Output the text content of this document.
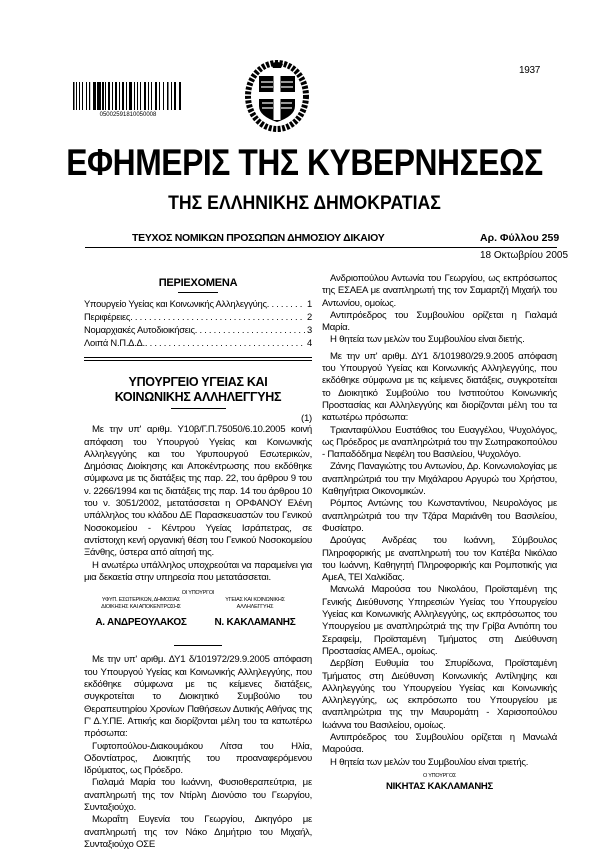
1937
05002591810050008
ΕΦΗΜΕΡΙΣ ΤΗΣ ΚΥΒΕΡΝΗΣΕΩΣ
ΤΗΣ ΕΛΛΗΝΙΚΗΣ ΔΗΜΟΚΡΑΤΙΑΣ
ΤΕΥΧΟΣ ΝΟΜΙΚΩΝ ΠΡΟΣΩΠΩΝ ΔΗΜΟΣΙΟΥ ΔΙΚΑΙΟΥ	Αρ. Φύλλου 259
18 Οκτωβρίου 2005
ΠΕΡΙΕΧΟΜΕΝΑ
Υπουργείο Υγείας και Κοινωνικής Αλληλεγγύης . . .	1
Περιφέρειες . . .	2
Νομαρχιακές Αυτοδιοικήσεις . . .	3
Λοιπά Ν.Π.Δ.Δ. . . .	4
ΥΠΟΥΡΓΕΙΟ ΥΓΕΙΑΣ ΚΑΙ
ΚΟΙΝΩΝΙΚΗΣ ΑΛΛΗΛΕΓΓΥΗΣ
(1)

Με την υπ' αριθμ. Υ10β/Γ.Π.75050/6.10.2005 κοινή απόφαση του Υπουργού Υγείας και Κοινωνικής Αλληλεγγύης και του Υφυπουργού Εσωτερικών, Δημόσιας Διοίκησης και Αποκέντρωσης που εκδόθηκε σύμφωνα με τις διατάξεις της παρ. 22, του άρθρου 9 του ν. 2266/1994 και τις διατάξεις της παρ. 14 του άρθρου 10 του ν. 3051/2002, μετατάσσεται η ΟΡΦΑΝΟΥ Ελένη υπάλληλος του κλάδου ΔΕ Παρασκευαστών του Γενικού Νοσοκομείου - Κέντρου Υγείας Ισράπετρας, σε αντίστοιχη κενή οργανική θέση του Γενικού Νοσοκομείου Ξάνθης, ύστερα από αίτησή της.

Η ανωτέρω υπάλληλος υποχρεούται να παραμείνει για μια δεκαετία στην υπηρεσία που μετατάσσεται.

ΟΙ ΥΠΟΥΡΓΟΙ
ΥΦΥΠ. ΕΣΩΤΕΡΙΚΩΝ, ΔΗΜΟΣΙΑΣ
ΔΙΟΙΚΗΣΗΣ ΚΑΙ ΑΠΟΚΕΝΤΡΩΣΗΣ
ΥΓΕΙΑΣ ΚΑΙ ΚΟΙΝΩΝΙΚΗΣ
ΑΛΛΗΛΕΓΓΥΗΣ
Α. ΑΝΔΡΕΟΥΛΑΚΟΣ	Ν. ΚΑΚΛΑΜΑΝΗΣ

Με την υπ' αριθμ. ΔΥ1 δ/101972/29.9.2005 απόφαση του Υπουργού Υγείας και Κοινωνικής Αλληλεγγύης, που εκδόθηκε σύμφωνα με τις κείμενες διατάξεις, συγκροτείται το Διοικητικό Συμβούλιο του Θεραπευτηρίου Χρονίων Παθήσεων Δυτικής Αθήνας της Γ' Δ.Υ.ΠΕ. Αττικής και διορίζονται μέλη του τα κατωτέρω πρόσωπα:

Γυφτοπούλου-Διακουμάκου Λίτσα του Ηλία, Οδοντίατρος, Διοικητής του προαναφερόμενου Ιδρύματος, ως Πρόεδρο.

Γιαλαμά Μαρία του Ιωάννη, Φυσιοθεραπεύτρια, με αναπληρωτή της τον Ντίρλη Διονύσιο του Γεωργίου, Συνταξιούχο.

Μωραΐτη Ευγενία του Γεωργίου, Δικηγόρο με αναπληρωτή της τον Νάκο Δημήτριο του Μιχαήλ, Συνταξιούχο ΟΣΕ

Ανδριοπούλου Αντωνία του Γεωργίου, ως εκπρόσωπος της ΕΣΑΕΑ με αναπληρωτή της τον Σαμαρτζή Μιχαήλ του Αντωνίου, ομοίως.

Αντιπρόεδρος του Συμβουλίου ορίζεται η Γιαλαμά Μαρία.

Η θητεία των μελών του Συμβουλίου είναι διετής.

Με την υπ' αριθμ. ΔΥ1 δ/101980/29.9.2005 απόφαση του Υπουργού Υγείας και Κοινωνικής Αλληλεγγύης, που εκδόθηκε σύμφωνα με τις κείμενες διατάξεις, συγκροτείται το Διοικητικό Συμβούλιο του Ινστιτούτου Κοινωνικής Προστασίας και Αλληλεγγύης και διορίζονται μέλη του τα κατωτέρω πρόσωπα:

Τριανταφύλλου Ευστάθιος του Ευαγγέλου, Ψυχολόγος, ως Πρόεδρος με αναπληρώτριά του την Σωτηρακοπούλου - Παπαδόδημα Νεφέλη του Βασιλείου, Ψυχολόγο.

Ζάνης Παναγιώτης του Αντωνίου, Δρ. Κοινωνιολογίας με αναπληρώτριά του την Μιχάλαρου Αργυρώ του Χρήστου, Καθηγήτρια Οικονομικών.

Ρόμπος Αντώνης του Κωνσταντίνου, Νευρολόγος με αναπληρώτριά του την Τζάρα Μαριάνθη του Βασιλείου, Φυσίατρο.

Δρούγας Ανδρέας του Ιωάννη, Σύμβουλος Πληροφορικής με αναπληρωτή του τον Κατέβα Νικόλαο του Ιωάννη, Καθηγητή Πληροφορικής και Ρομποτικής για ΑμεΑ, ΤΕΙ Χαλκίδας.

Μανωλά Μαρούσα του Νικολάου, Προϊσταμένη της Γενικής Διεύθυνσης Υπηρεσιών Υγείας του Υπουργείου Υγείας και Κοινωνικής Αλληλεγγύης, ως εκπρόσωπος του Υπουργείου με αναπληρώτριά της την Γρίβα Αντιόπη του Σεραφείμ, Προϊσταμένη Τμήματος στη Διεύθυνση Προστασίας ΑΜΕΑ., ομοίως.

Δερβίση Ευθυμία του Σπυρίδωνα, Προϊσταμένη Τμήματος στη Διεύθυνση Κοινωνικής Αντίληψης και Αλληλεγγύης του Υπουργείου Υγείας και Κοινωνικής Αλληλεγγύης, ως εκπρόσωπο του Υπουργείου με αναπληρώτρια της την Μαυρομάτη - Χαρισοπούλου Ιωάννα του Βασιλείου, ομοίως.

Αντιπρόεδρος του Συμβουλίου ορίζεται η Μανωλά Μαρούσα.

Η θητεία των μελών του Συμβουλίου είναι τριετής.

Ο ΥΠΟΥΡΓΟΣ
ΝΙΚΗΤΑΣ ΚΑΚΛΑΜΑΝΗΣ
